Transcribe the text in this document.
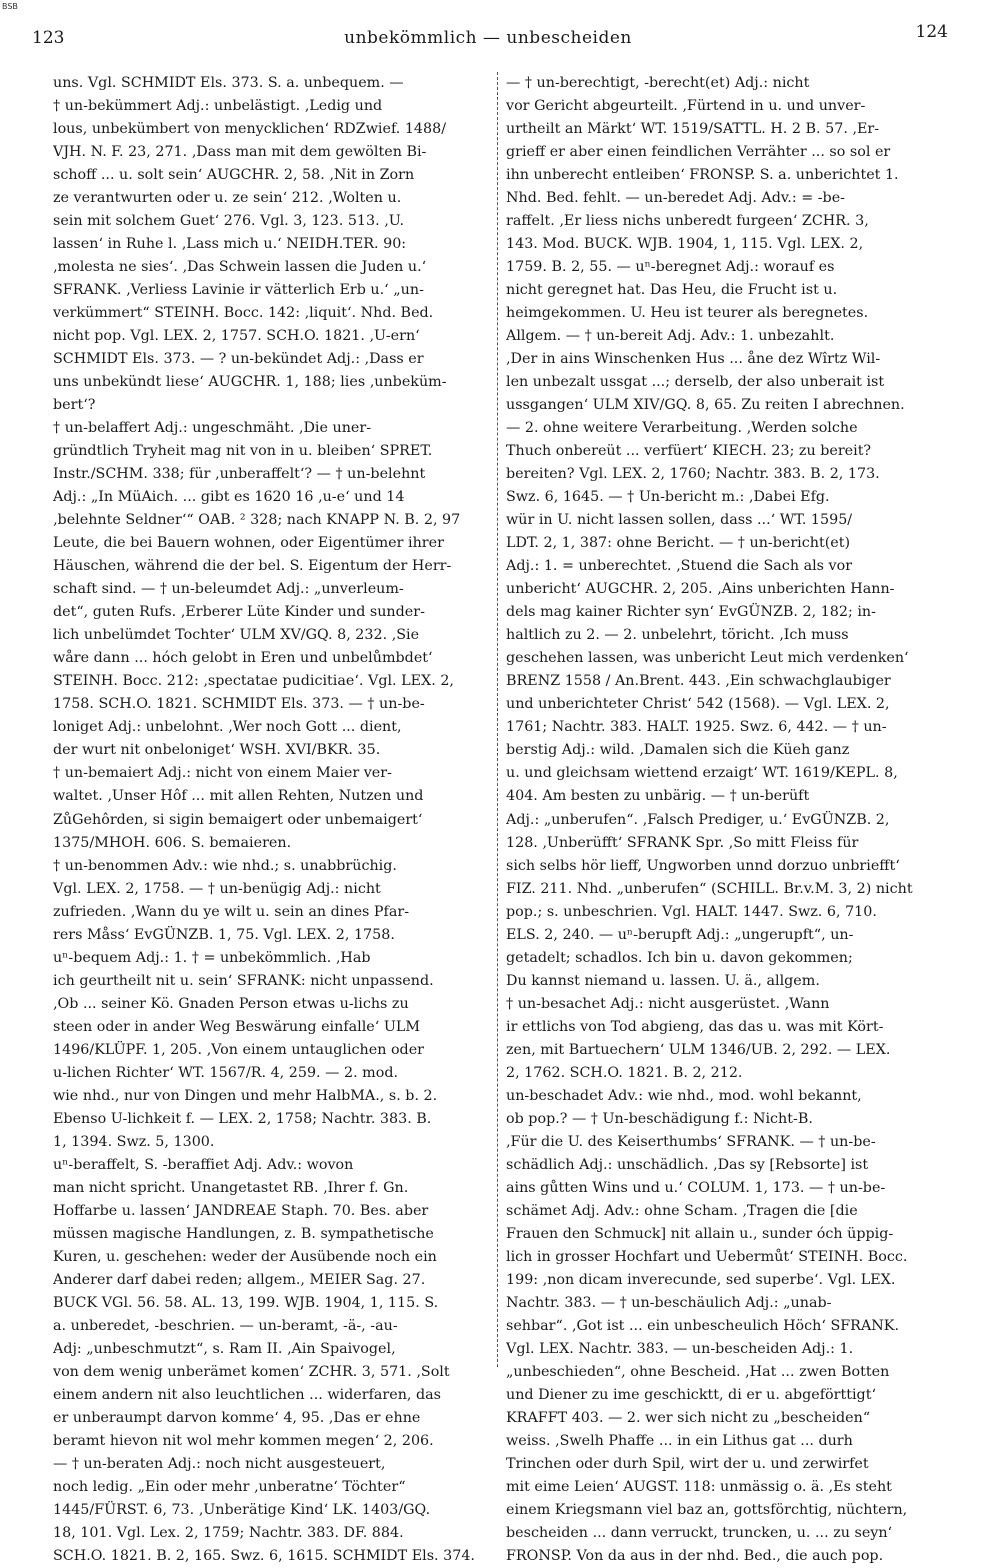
BSB
123	unbekömmlich — unbescheiden	124
uns. Vgl. SCHMIDT Els. 373. S. a. unbequem. —
† un-bekümmert Adj.: unbelästigt. ‚Ledig und
lous, unbekümbert von menycklichen‘ RDZwief. 1488/
VJH. N. F. 23, 271. ‚Dass man mit dem gewölten Bi-
schoff ... u. solt sein‘ AUGCHR. 2, 58. ‚Nit in Zorn
ze verantwurten oder u. ze sein‘ 212. ‚Wolten u.
sein mit solchem Guet‘ 276. Vgl. 3, 123. 513. ‚U.
lassen‘ in Ruhe l. ‚Lass mich u.‘ NEIDH.TER. 90:
‚molesta ne sies‘. ‚Das Schwein lassen die Juden u.‘
SFRANK. ‚Verliess Lavinie ir vätterlich Erb u.‘ „un-
verkümmert“ STEINH. Bocc. 142: ‚liquit‘. Nhd. Bed.
nicht pop. Vgl. LEX. 2, 1757. SCH.O. 1821. ‚U-ern‘
SCHMIDT Els. 373. — ? un-bekündet Adj.: ‚Dass er
uns unbekündt liese‘ AUGCHR. 1, 188; lies ‚unbeküm-
bert‘?
† un-belaffert Adj.: ungeschmäht. ‚Die uner-
gründtlich Tryheit mag nit von in u. bleiben‘ SPRET.
Instr./SCHM. 338; für ‚unberaffelt‘? — † un-belehnt
Adj.: „In MüAich. ... gibt es 1620 16 ‚u-e‘ und 14
‚belehnte Seldner‘“ OAB. ² 328; nach KNAPP N. B. 2, 97
Leute, die bei Bauern wohnen, oder Eigentümer ihrer
Häuschen, während die der bel. S. Eigentum der Herr-
schaft sind. — † un-beleumdet Adj.: „unverleum-
det“, guten Rufs. ‚Erberer Lüte Kinder und sunder-
lich unbelümdet Tochter‘ ULM XV/GQ. 8, 232. ‚Sie
wåre dann ... hóch gelobt in Eren und unbelůmbdet‘
STEINH. Bocc. 212: ‚spectatae pudicitiae‘. Vgl. LEX. 2,
1758. SCH.O. 1821. SCHMIDT Els. 373. — † un-be-
loniget Adj.: unbelohnt. ‚Wer noch Gott ... dient,
der wurt nit onbeloniget‘ WSH. XVI/BKR. 35.
† un-bemaiert Adj.: nicht von einem Maier ver-
waltet. ‚Unser Hôf ... mit allen Rehten, Nutzen und
ZůGehôrden, si sigin bemaigert oder unbemaigert‘
1375/MHOH. 606. S. bemaieren.
† un-benommen Adv.: wie nhd.; s. unabbrüchig.
Vgl. LEX. 2, 1758. — † un-benügig Adj.: nicht
zufrieden. ‚Wann du ye wilt u. sein an dines Pfar-
rers Måss‘ EvGÜNZB. 1, 75. Vgl. LEX. 2, 1758.
uⁿ-bequem Adj.: 1. † = unbekömmlich. ‚Hab
ich geurtheilt nit u. sein‘ SFRANK: nicht unpassend.
‚Ob ... seiner Kö. Gnaden Person etwas u-lichs zu
steen oder in ander Weg Beswärung einfalle‘ ULM
1496/KLÜPF. 1, 205. ‚Von einem untauglichen oder
u-lichen Richter‘ WT. 1567/R. 4, 259. — 2. mod.
wie nhd., nur von Dingen und mehr HalbMA., s. b. 2.
Ebenso U-lichkeit f. — LEX. 2, 1758; Nachtr. 383. B.
1, 1394. Swz. 5, 1300.
uⁿ-beraffelt, S. -beraffiet Adj. Adv.: wovon
man nicht spricht. Unangetastet RB. ‚Ihrer f. Gn.
Hoffarbe u. lassen‘ JANDREAE Staph. 70. Bes. aber
müssen magische Handlungen, z. B. sympathetische
Kuren, u. geschehen: weder der Ausübende noch ein
Anderer darf dabei reden; allgem., MEIER Sag. 27.
BUCK VGl. 56. 58. AL. 13, 199. WJB. 1904, 1, 115. S.
a. unberedet, -beschrien. — un-beramt, -ä-, -au-
Adj: „unbeschmutzt“, s. Ram II. ‚Ain Spaivogel,
von dem wenig unberämet komen‘ ZCHR. 3, 571. ‚Solt
einem andern nit also leuchtlichen ... widerfaren, das
er unberaumpt darvon komme‘ 4, 95. ‚Das er ehne
beramt hievon nit wol mehr kommen megen‘ 2, 206.
— † un-beraten Adj.: noch nicht ausgesteuert,
noch ledig. „Ein oder mehr ‚unberatne‘ Töchter“
1445/FÜRST. 6, 73. ‚Unberätige Kind‘ LK. 1403/GQ.
18, 101. Vgl. Lex. 2, 1759; Nachtr. 383. DF. 884.
SCH.O. 1821. B. 2, 165. Swz. 6, 1615. SCHMIDT Els. 374.
— † un-berechtigt, -berecht(et) Adj.: nicht
vor Gericht abgeurteilt. ‚Fürtend in u. und unver-
urtheilt an Märkt‘ WT. 1519/SATTL. H. 2 B. 57. ‚Er-
grieff er aber einen feindlichen Verrähter ... so sol er
ihn unberecht entleiben‘ FRONSP. S. a. unberichtet 1.
Nhd. Bed. fehlt. — un-beredet Adj. Adv.: = -be-
raffelt. ‚Er liess nichs unberedt furgeen‘ ZCHR. 3,
143. Mod. BUCK. WJB. 1904, 1, 115. Vgl. LEX. 2,
1759. B. 2, 55. — uⁿ-beregnet Adj.: worauf es
nicht geregnet hat. Das Heu, die Frucht ist u.
heimgekommen. U. Heu ist teurer als beregnetes.
Allgem. — † un-bereit Adj. Adv.: 1. unbezahlt.
‚Der in ains Winschenken Hus ... åne dez Wîrtz Wil-
len unbezalt ussgat ...; derselb, der also unberait ist
ussgangen‘ ULM XIV/GQ. 8, 65. Zu reiten I abrechnen.
— 2. ohne weitere Verarbeitung. ‚Werden solche
Thuch onbereüt ... verfüert‘ KIECH. 23; zu bereit?
bereiten? Vgl. LEX. 2, 1760; Nachtr. 383. B. 2, 173.
Swz. 6, 1645. — † Un-bericht m.: ‚Dabei Efg.
wür in U. nicht lassen sollen, dass ...‘ WT. 1595/
LDT. 2, 1, 387: ohne Bericht. — † un-bericht(et)
Adj.: 1. = unberechtet. ‚Stuend die Sach als vor
unbericht‘ AUGCHR. 2, 205. ‚Ains unberichten Hann-
dels mag kainer Richter syn‘ EvGÜNZB. 2, 182; in-
haltlich zu 2. — 2. unbelehrt, töricht. ‚Ich muss
geschehen lassen, was unbericht Leut mich verdenken‘
BRENZ 1558 / An.Brent. 443. ‚Ein schwachglaubiger
und unberichteter Christ‘ 542 (1568). — Vgl. LEX. 2,
1761; Nachtr. 383. HALT. 1925. Swz. 6, 442. — † un-
berstig Adj.: wild. ‚Damalen sich die Küeh ganz
u. und gleichsam wiettend erzaigt‘ WT. 1619/KEPL. 8,
404. Am besten zu unbärig. — † un-berüft
Adj.: „unberufen“. ‚Falsch Prediger, u.‘ EvGÜNZB. 2,
128. ‚Unberüfft‘ SFRANK Spr. ‚So mitt Fleiss für
sich selbs hör lieff, Ungworben unnd dorzuo unbriefft‘
FIZ. 211. Nhd. „unberufen“ (SCHILL. Br.v.M. 3, 2) nicht
pop.; s. unbeschrien. Vgl. HALT. 1447. Swz. 6, 710.
ELS. 2, 240. — uⁿ-berupft Adj.: „ungerupft“, un-
getadelt; schadlos. Ich bin u. davon gekommen;
Du kannst niemand u. lassen. U. ä., allgem.
† un-besachet Adj.: nicht ausgerüstet. ‚Wann
ir ettlichs von Tod abgieng, das das u. was mit Kört-
zen, mit Bartuechern‘ ULM 1346/UB. 2, 292. — LEX.
2, 1762. SCH.O. 1821. B. 2, 212.
un-beschadet Adv.: wie nhd., mod. wohl bekannt,
ob pop.? — † Un-beschädigung f.: Nicht-B.
‚Für die U. des Keiserthumbs‘ SFRANK. — † un-be-
schädlich Adj.: unschädlich. ‚Das sy [Rebsorte] ist
ains gůtten Wins und u.‘ COLUM. 1, 173. — † un-be-
schämet Adj. Adv.: ohne Scham. ‚Tragen die [die
Frauen den Schmuck] nit allain u., sunder óch üppig-
lich in grosser Hochfart und Uebermůt‘ STEINH. Bocc.
199: ‚non dicam inverecunde, sed superbe‘. Vgl. LEX.
Nachtr. 383. — † un-beschäulich Adj.: „unab-
sehbar“. ‚Got ist ... ein unbescheulich Höch‘ SFRANK.
Vgl. LEX. Nachtr. 383. — un-bescheiden Adj.: 1.
„unbeschieden“, ohne Bescheid. ‚Hat ... zwen Botten
und Diener zu ime geschicktt, di er u. abgeförttigt‘
KRAFFT 403. — 2. wer sich nicht zu „bescheiden“
weiss. ‚Swelh Phaffe ... in ein Lithus gat ... durh
Trinchen oder durh Spil, wirt der u. und zerwirfet
mit eime Leien‘ AUGST. 118: unmässig o. ä. ‚Es steht
einem Kriegsmann viel baz an, gottsförchtig, nüchtern,
bescheiden ... dann verruckt, truncken, u. ... zu seyn‘
FRONSP. Von da aus in der nhd. Bed., die auch pop.
